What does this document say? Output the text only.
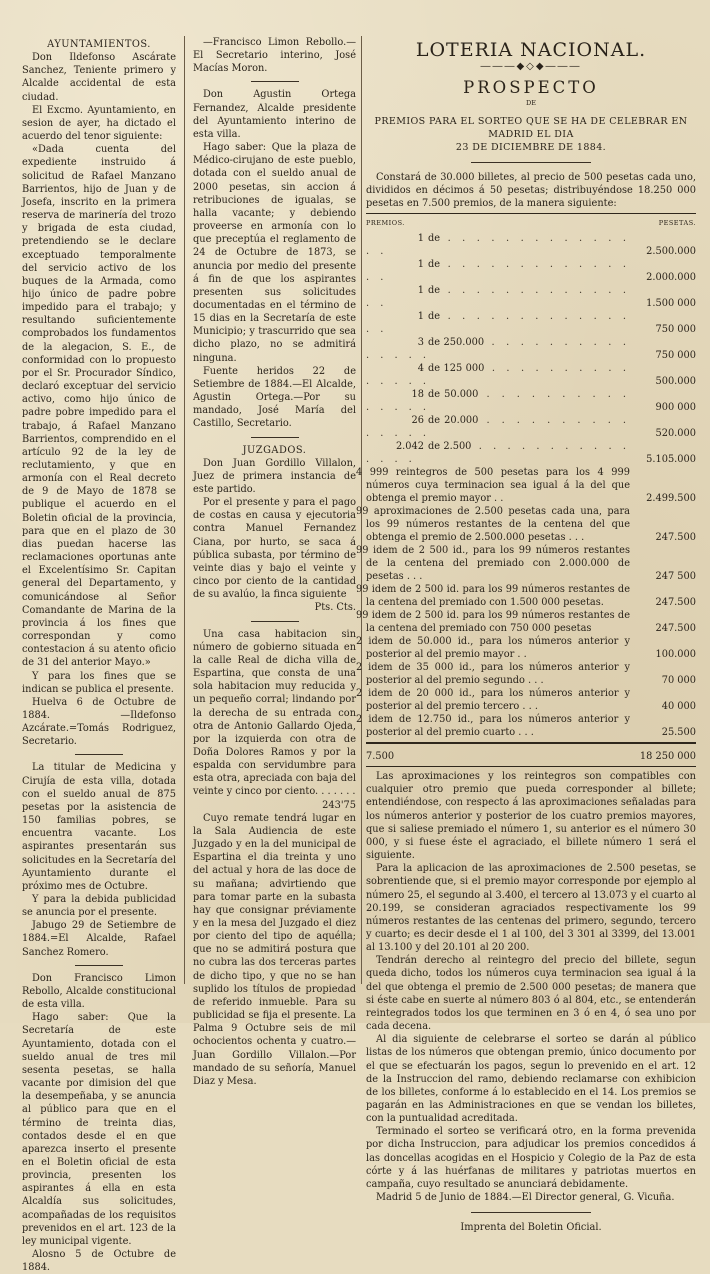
AYUNTAMIENTOS.

Don Ildefonso Ascárate Sanchez, Teniente primero y Alcalde accidental de esta ciudad.

El Excmo. Ayuntamiento, en sesion de ayer, ha dictado el acuerdo del tenor siguiente:

«Dada cuenta del expediente instruido á solicitud de Rafael Manzano Barrientos, hijo de Juan y de Josefa, inscrito en la primera reserva de marinería del trozo y brigada de esta ciudad, pretendiendo se le declare exceptuado temporalmente del servicio activo de los buques de la Armada, como hijo único de padre pobre impedido para el trabajo; y resultando suficientemente comprobados los fundamentos de la alegacion, S. E., de conformidad con lo propuesto por el Sr. Procurador Síndico, declaró exceptuar del servicio activo, como hijo único de padre pobre impedido para el trabajo, á Rafael Manzano Barrientos, comprendido en el artículo 92 de la ley de reclutamiento, y que en armonía con el Real decreto de 9 de Mayo de 1878 se publique el acuerdo en el Boletin oficial de la provincia, para que en el plazo de 30 dias puedan hacerse las reclamaciones oportunas ante el Excelentísimo Sr. Capitan general del Departamento, y comunicándose al Señor Comandante de Marina de la provincia á los fines que correspondan y como contestacion á su atento oficio de 31 del anterior Mayo.»

Y para los fines que se indican se publica el presente.

Huelva 6 de Octubre de 1884. —Ildefonso Azcárate.=Tomás Rodriguez, Secretario.

La titular de Medicina y Cirujía de esta villa, dotada con el sueldo anual de 875 pesetas por la asistencia de 150 familias pobres, se encuentra vacante. Los aspirantes presentarán sus solicitudes en la Secretaría del Ayuntamiento durante el próximo mes de Octubre.

Y para la debida publicidad se anuncia por el presente.

Jabugo 29 de Setiembre de 1884.=El Alcalde, Rafael Sanchez Romero.

Don Francisco Limon Rebollo, Alcalde constitucional de esta villa.

Hago saber: Que la Secretaría de este Ayuntamiento, dotada con el sueldo anual de tres mil sesenta pesetas, se halla vacante por dimision del que la desempeñaba, y se anuncia al público para que en el término de treinta dias, contados desde el en que aparezca inserto el presente en el Boletin oficial de esta provincia, presenten los aspirantes á ella en esta Alcaldía sus solicitudes, acompañadas de los requisitos prevenidos en el art. 123 de la ley municipal vigente.

Alosno 5 de Octubre de 1884.

—Francisco Limon Rebollo.— El Secretario interino, José Macías Moron.

Don Agustin Ortega Fernandez, Alcalde presidente del Ayuntamiento interino de esta villa.

Hago saber: Que la plaza de Médico-cirujano de este pueblo, dotada con el sueldo anual de 2000 pesetas, sin accion á retribuciones de igualas, se halla vacante; y debiendo proveerse en armonía con lo que preceptúa el reglamento de 24 de Octubre de 1873, se anuncia por medio del presente á fin de que los aspirantes presenten sus solicitudes documentadas en el término de 15 dias en la Secretaría de este Municipio; y trascurrido que sea dicho plazo, no se admitirá ninguna.

Fuente heridos 22 de Setiembre de 1884.—El Alcalde, Agustin Ortega.—Por su mandado, José María del Castillo, Secretario.

JUZGADOS.

Don Juan Gordillo Villalon, Juez de primera instancia de este partido.

Por el presente y para el pago de costas en causa y ejecutoria contra Manuel Fernandez Ciana, por hurto, se saca á pública subasta, por término de veinte dias y bajo el veinte y cinco por ciento de la cantidad de su avalúo, la finca siguiente

Pts. Cts.

Una casa habitacion sin número de gobierno situada en la calle Real de dicha villa de Espartina, que consta de una sola habitacion muy reducida y un pequeño corral; lindando por la derecha de su entrada con otra de Antonio Gallardo Ojeda, por la izquierda con otra de Doña Dolores Ramos y por la espalda con servidumbre para esta otra, apreciada con baja del veinte y cinco por ciento. . . . . . .

243'75

Cuyo remate tendrá lugar en la Sala Audiencia de este Juzgado y en la del municipal de Espartina el dia treinta y uno del actual y hora de las doce de su mañana; advirtiendo que para tomar parte en la subasta hay que consignar préviamente y en la mesa del Juzgado el diez por ciento del tipo de aquélla; que no se admitirá postura que no cubra las dos terceras partes de dicho tipo, y que no se han suplido los títulos de propiedad de referido inmueble. Para su publicidad se fija el presente. La Palma 9 Octubre seis de mil ochocientos ochenta y cuatro.—Juan Gordillo Villalon.—Por mandado de su señoría, Manuel Diaz y Mesa.

LOTERIA NACIONAL.
―――◆◇◆―――
PROSPECTO
DE
PREMIOS PARA EL SORTEO QUE SE HA DE CELEBRAR EN MADRID EL DIA
23 DE DICIEMBRE DE 1884.

Constará de 30.000 billetes, al precio de 500 pesetas cada uno, divididos en décimos á 50 pesetas; distribuyéndose 18.250 000 pesetas en 7.500 premios, de la manera siguiente:

PREMIOS.	PESETAS.
1 de . . . . . . . . . . . . . . .	2.500.000
1 de . . . . . . . . . . . . . . .	2.000.000
1 de . . . . . . . . . . . . . . .	1.500 000
1 de . . . . . . . . . . . . . . .	750 000
3 de 250.000 . . . . . . . . . . . . . . .	750 000
4 de 125 000 . . . . . . . . . . . . . . .	500.000
18 de 50.000 . . . . . . . . . . . . . . .	900 000
26 de 20.000 . . . . . . . . . . . . . . .	520.000
2.042 de 2.500 . . . . . . . . . . . . . . .	5.105.000
4 999 reintegros de 500 pesetas para los 4 999 números cuya terminacion sea igual á la del que obtenga el premio mayor . .	2.499.500
99 aproximaciones de 2.500 pesetas cada una, para los 99 números restantes de la centena del que obtenga el premio de 2.500.000 pesetas . . .	247.500
99 idem de 2 500 id., para los 99 números restantes de la centena del premiado con 2.000.000 de pesetas . . .	247 500
99 idem de 2 500 id. para los 99 números restantes de la centena del premiado con 1.500 000 pesetas.	247.500
99 idem de 2 500 id. para los 99 números restantes de la centena del premiado con 750 000 pesetas	247.500
2 idem de 50.000 id., para los números anterior y posterior al del premio mayor . .	100.000
2 idem de 35 000 id., para los números anterior y posterior al del premio segundo . . .	70 000
2 idem de 20 000 id., para los números anterior y posterior al del premio tercero . . .	40 000
2 idem de 12.750 id., para los números anterior y posterior al del premio cuarto . . .	25.500
7.500	18 250 000

Las aproximaciones y los reintegros son compatibles con cualquier otro premio que pueda corresponder al billete; entendiéndose, con respecto á las aproximaciones señaladas para los números anterior y posterior de los cuatro premios mayores, que si saliese premiado el número 1, su anterior es el número 30 000, y si fuese éste el agraciado, el billete número 1 será el siguiente.

Para la aplicacion de las aproximaciones de 2.500 pesetas, se sobrentiende que, si el premio mayor corresponde por ejemplo al número 25, el segundo al 3.400, el tercero al 13.073 y el cuarto al 20.199, se consideran agraciados respectivamente los 99 números restantes de las centenas del primero, segundo, tercero y cuarto; es decir desde el 1 al 100, del 3 301 al 3399, del 13.001 al 13.100 y del 20.101 al 20 200.

Tendrán derecho al reintegro del precio del billete, segun queda dicho, todos los números cuya terminacion sea igual á la del que obtenga el premio de 2.500 000 pesetas; de manera que si éste cabe en suerte al número 803 ó al 804, etc., se entenderán reintegrados todos los que terminen en 3 ó en 4, ó sea uno por cada decena.

Al dia siguiente de celebrarse el sorteo se darán al público listas de los números que obtengan premio, único documento por el que se efectuarán los pagos, segun lo prevenido en el art. 12 de la Instruccion del ramo, debiendo reclamarse con exhibicion de los billetes, conforme á lo establecido en el 14. Los premios se pagarán en las Administraciones en que se vendan los billetes, con la puntualidad acreditada.

Terminado el sorteo se verificará otro, en la forma prevenida por dicha Instruccion, para adjudicar los premios concedidos á las doncellas acogidas en el Hospicio y Colegio de la Paz de esta córte y á las huérfanas de militares y patriotas muertos en campaña, cuyo resultado se anunciará debidamente.

Madrid 5 de Junio de 1884.—El Director general, G. Vicuña.

Imprenta del Boletin Oficial.
